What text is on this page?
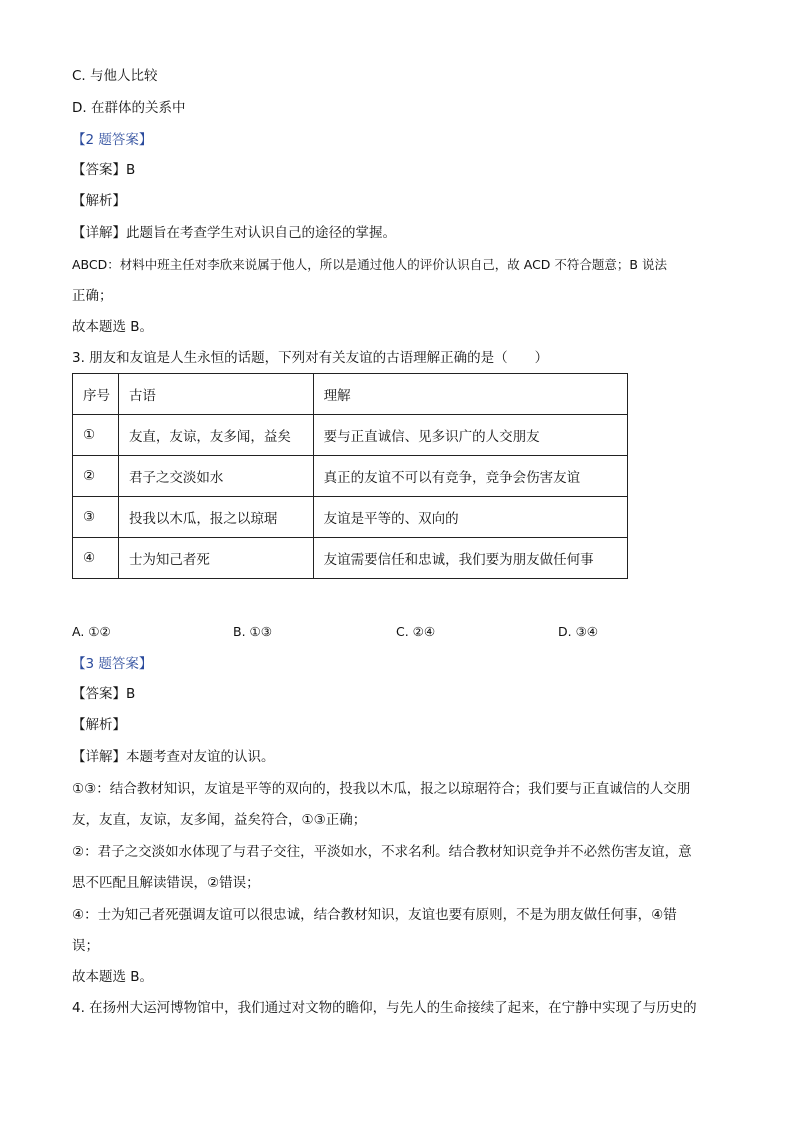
C. 与他人比较
D. 在群体的关系中
【2 题答案】
【答案】B
【解析】
【详解】此题旨在考查学生对认识自己的途径的掌握。
ABCD：材料中班主任对李欣来说属于他人，所以是通过他人的评价认识自己，故 ACD 不符合题意；B 说法
正确；
故本题选 B。
3. 朋友和友谊是人生永恒的话题，下列对有关友谊的古语理解正确的是（　　）
序号	古语	理解
①	友直，友谅，友多闻，益矣	要与正直诚信、见多识广的人交朋友
②	君子之交淡如水	真正的友谊不可以有竞争，竞争会伤害友谊
③	投我以木瓜，报之以琼琚	友谊是平等的、双向的
④	士为知己者死	友谊需要信任和忠诚，我们要为朋友做任何事
A. ①②	B. ①③	C. ②④	D. ③④
【3 题答案】
【答案】B
【解析】
【详解】本题考查对友谊的认识。
①③：结合教材知识，友谊是平等的双向的，投我以木瓜，报之以琼琚符合；我们要与正直诚信的人交朋
友，友直，友谅，友多闻，益矣符合，①③正确；
②：君子之交淡如水体现了与君子交往，平淡如水，不求名利。结合教材知识竞争并不必然伤害友谊，意
思不匹配且解读错误，②错误；
④：士为知己者死强调友谊可以很忠诚，结合教材知识，友谊也要有原则，不是为朋友做任何事，④错
误；
故本题选 B。
4. 在扬州大运河博物馆中，我们通过对文物的瞻仰，与先人的生命接续了起来，在宁静中实现了与历史的
